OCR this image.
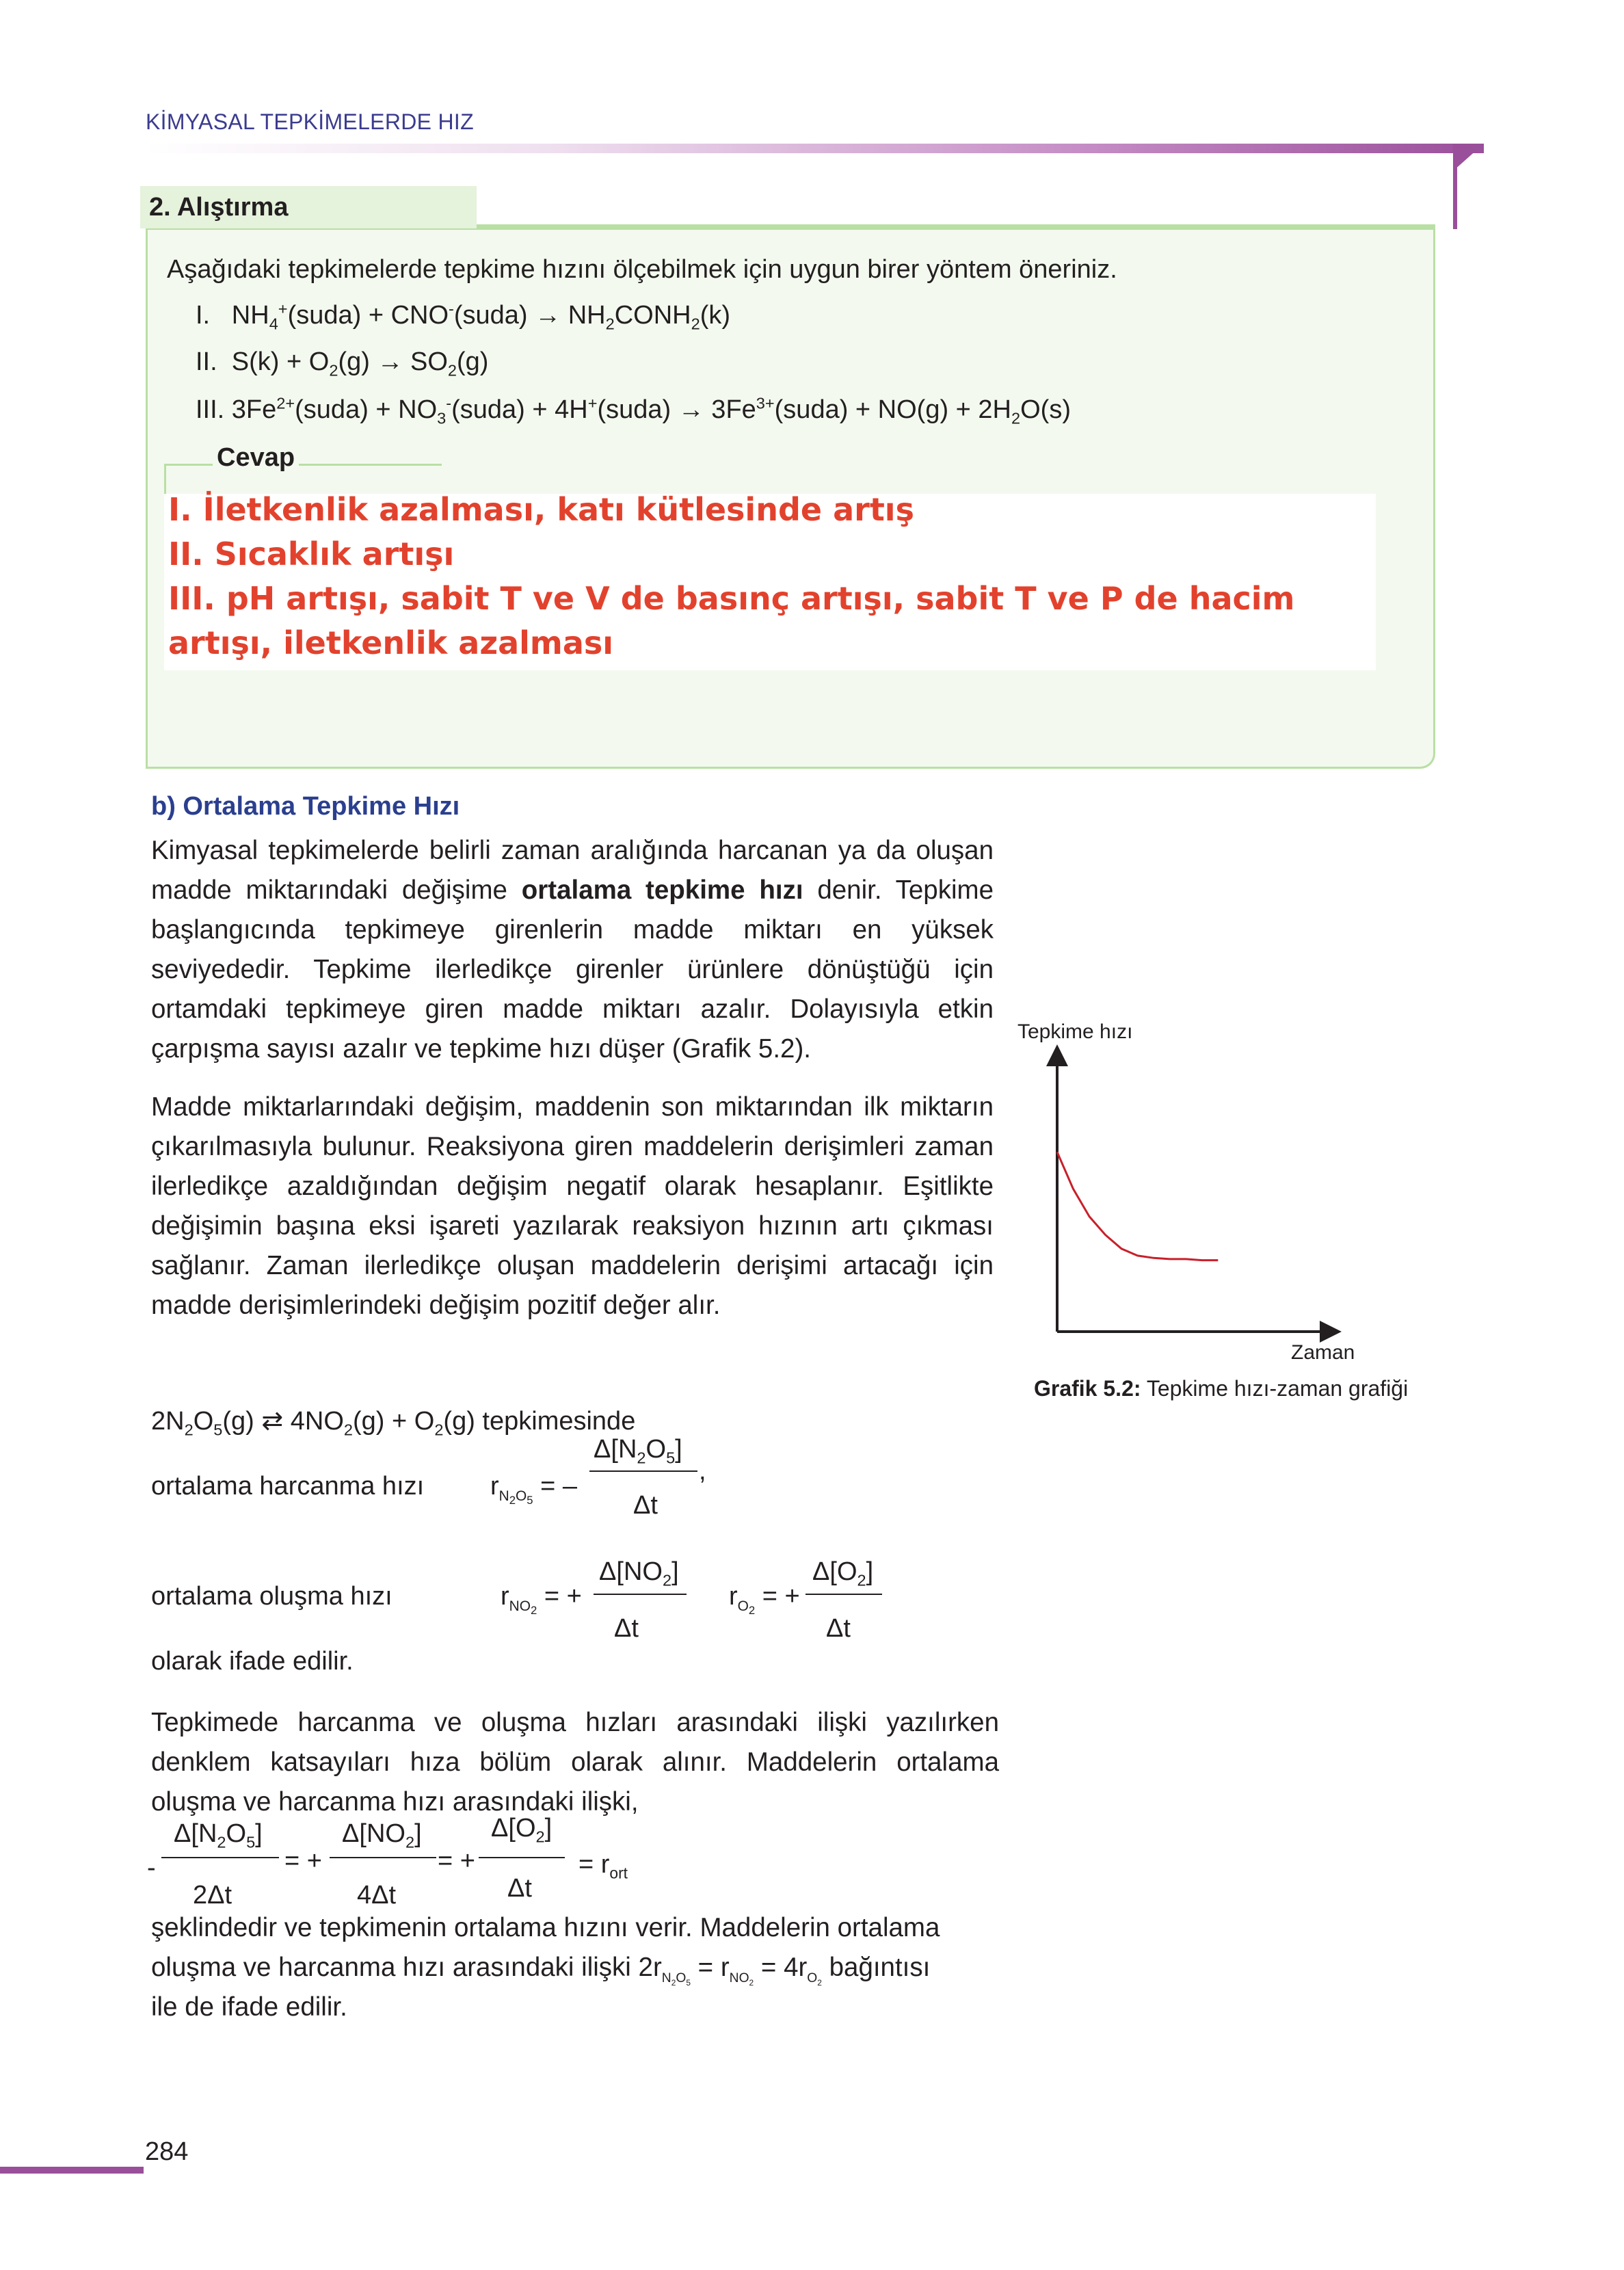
KİMYASAL TEPKİMELERDE HIZ
2. Alıştırma
Aşağıdaki tepkimelerde tepkime hızını ölçebilmek için uygun birer yöntem öneriniz.
I.   $NH_4^+(suda)$ + CNO-(suda) → $NH_2CONH_2(k)$
II.  $S(k) + O_2(g) \to SO_2(g)$
III. $3Fe^{2+}(suda)$ + $NO_3^-(suda)$ + 4H+(suda) → $3Fe^{3+}(suda) + NO(g) + 2H_2O(s)$
Cevap
I. İletkenlik azalması, katı kütlesinde artış
II. Sıcaklık artışı
III. pH artışı, sabit T ve V de basınç artışı, sabit T ve P de hacim
artışı, iletkenlik azalması
b) Ortalama Tepkime Hızı
Kimyasal tepkimelerde belirli zaman aralığında harcanan ya da oluşan madde miktarındaki değişime ortalama tepkime hızı denir. Tepkime başlangıcında tepkimeye girenlerin madde miktarı en yüksek seviyededir. Tepkime ilerledikçe girenler ürünlere dönüştüğü için ortamdaki tepkimeye giren madde miktarı azalır. Dolayısıyla etkin çarpışma sayısı azalır ve tepkime hızı düşer (Grafik 5.2).
Madde miktarlarındaki değişim, maddenin son miktarından ilk miktarın çıkarılmasıyla bulunur. Reaksiyona giren maddelerin derişimleri zaman ilerledikçe azaldığından değişim negatif olarak hesaplanır. Eşitlikte değişimin başına eksi işareti yazılarak reaksiyon hızının artı çıkması sağlanır. Zaman ilerledikçe oluşan maddelerin derişimi artacağı için madde derişimlerindeki değişim pozitif değer alır.
Tepkime hızı
Zaman
Grafik 5.2: Tepkime hızı-zaman grafiği
$2N_2O_5(g)$ ⇄ $4NO_2(g) + O_2(g)$ tepkimesinde
ortalama harcanma hızı	$r_{N_2O_5}$ = –
$\Delta[N_2O_5]$
,
Δt
ortalama oluşma hızı	$r_{NO_2}$ = +
$\Delta[NO_2]$
Δt
$r_{O_2}$ = +
$\Delta[O_2]$
Δt
olarak ifade edilir.
Tepkimede harcanma ve oluşma hızları arasındaki ilişki yazılırken denklem katsayıları hıza bölüm olarak alınır. Maddelerin ortalama oluşma ve harcanma hızı arasındaki ilişki,
-
$\Delta[N_2O_5]$
2Δt
= +
$\Delta[NO_2]$
4Δt
= +
$\Delta[O_2]$
Δt
= $r_{ort}$
şeklindedir ve tepkimenin ortalama hızını verir. Maddelerin ortalama
oluşma ve harcanma hızı arasındaki ilişki $2r_{N_2O_5} = r_{NO_2} = 4r_{O_2}$ bağıntısı
ile de ifade edilir.
284
